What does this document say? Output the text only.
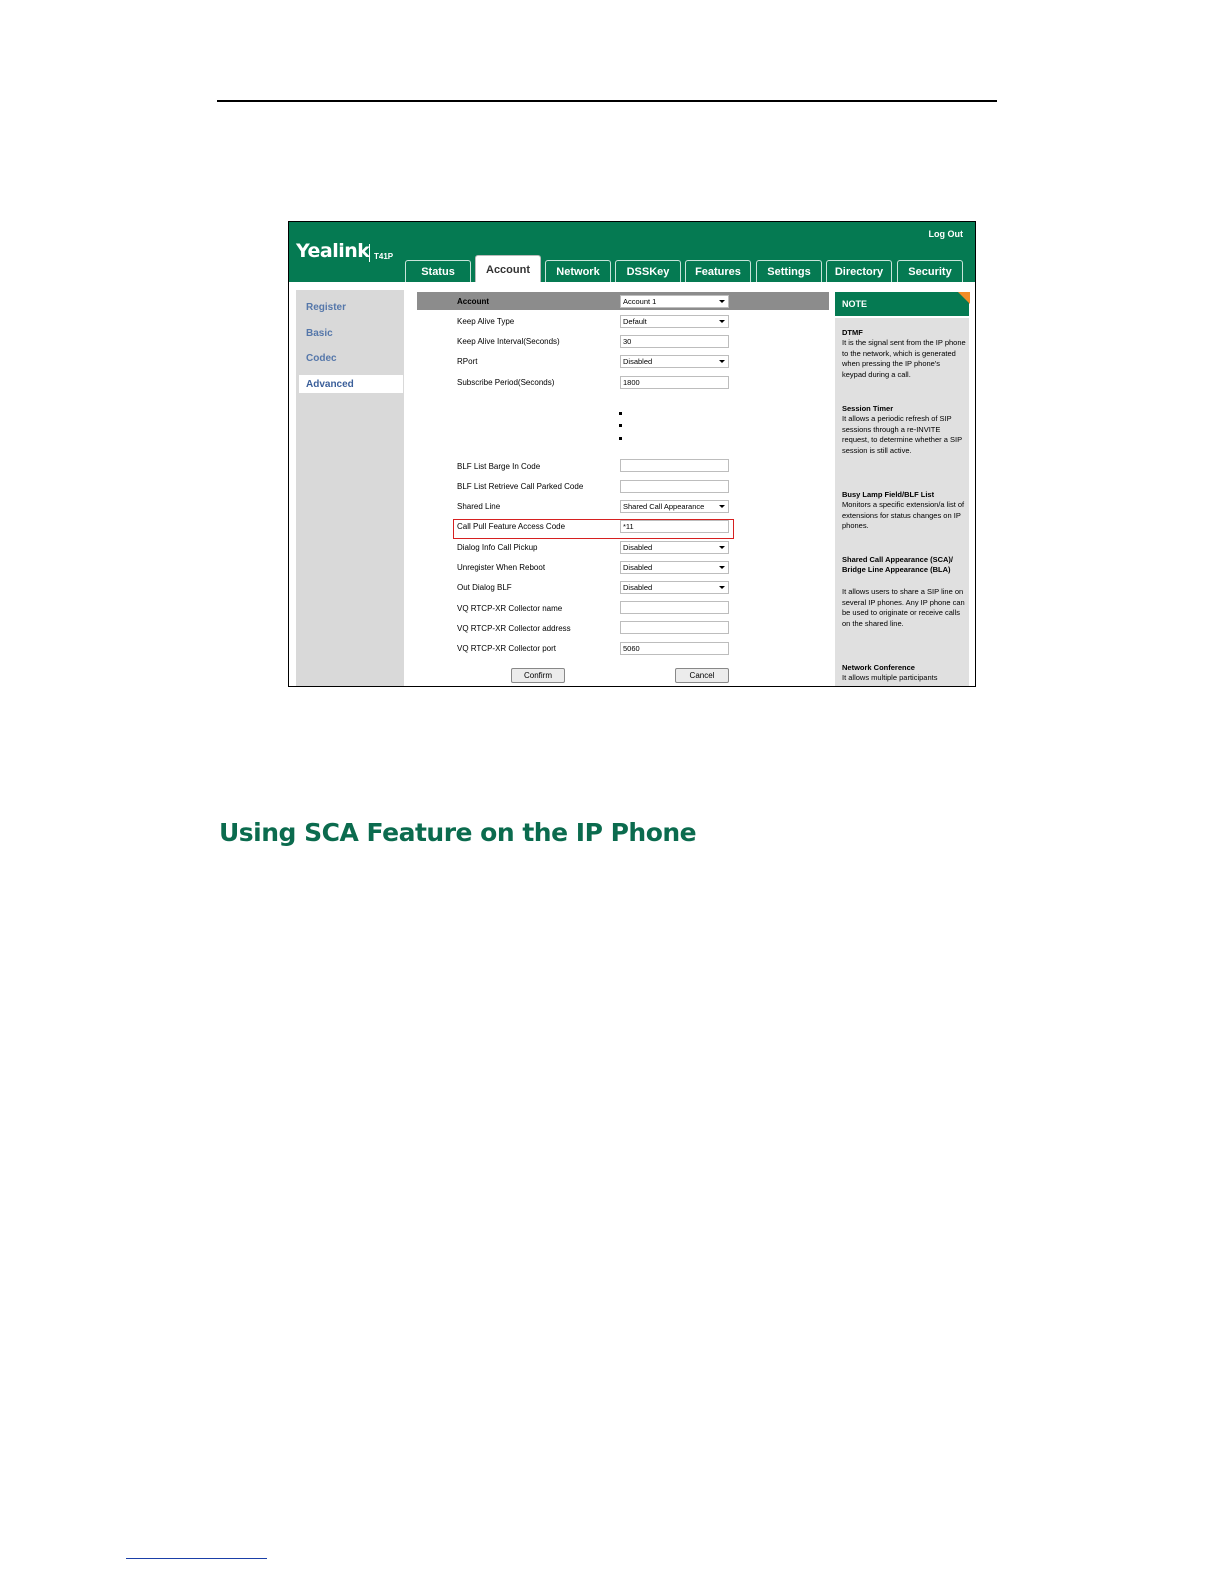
Yealink T41P
Log Out
Status	Account	Network	DSSKey	Features	Settings	Directory	Security
Register
Basic
Codec
Advanced
Account	Account 1
Keep Alive Type	Default
Keep Alive Interval(Seconds)	30
RPort	Disabled
Subscribe Period(Seconds)	1800
BLF List Barge In Code
BLF List Retrieve Call Parked Code
Shared Line	Shared Call Appearance
Call Pull Feature Access Code	*11
Dialog Info Call Pickup	Disabled
Unregister When Reboot	Disabled
Out Dialog BLF	Disabled
VQ RTCP-XR Collector name
VQ RTCP-XR Collector address
VQ RTCP-XR Collector port	5060
Confirm	Cancel
NOTE
DTMF
It is the signal sent from the IP phone to the network, which is generated when pressing the IP phone's keypad during a call.
Session Timer
It allows a periodic refresh of SIP sessions through a re-INVITE request, to determine whether a SIP session is still active.
Busy Lamp Field/BLF List
Monitors a specific extension/a list of extensions for status changes on IP phones.
Shared Call Appearance (SCA)/ Bridge Line Appearance (BLA)
It allows users to share a SIP line on several IP phones. Any IP phone can be used to originate or receive calls on the shared line.
Network Conference
It allows multiple participants
Using SCA Feature on the IP Phone
